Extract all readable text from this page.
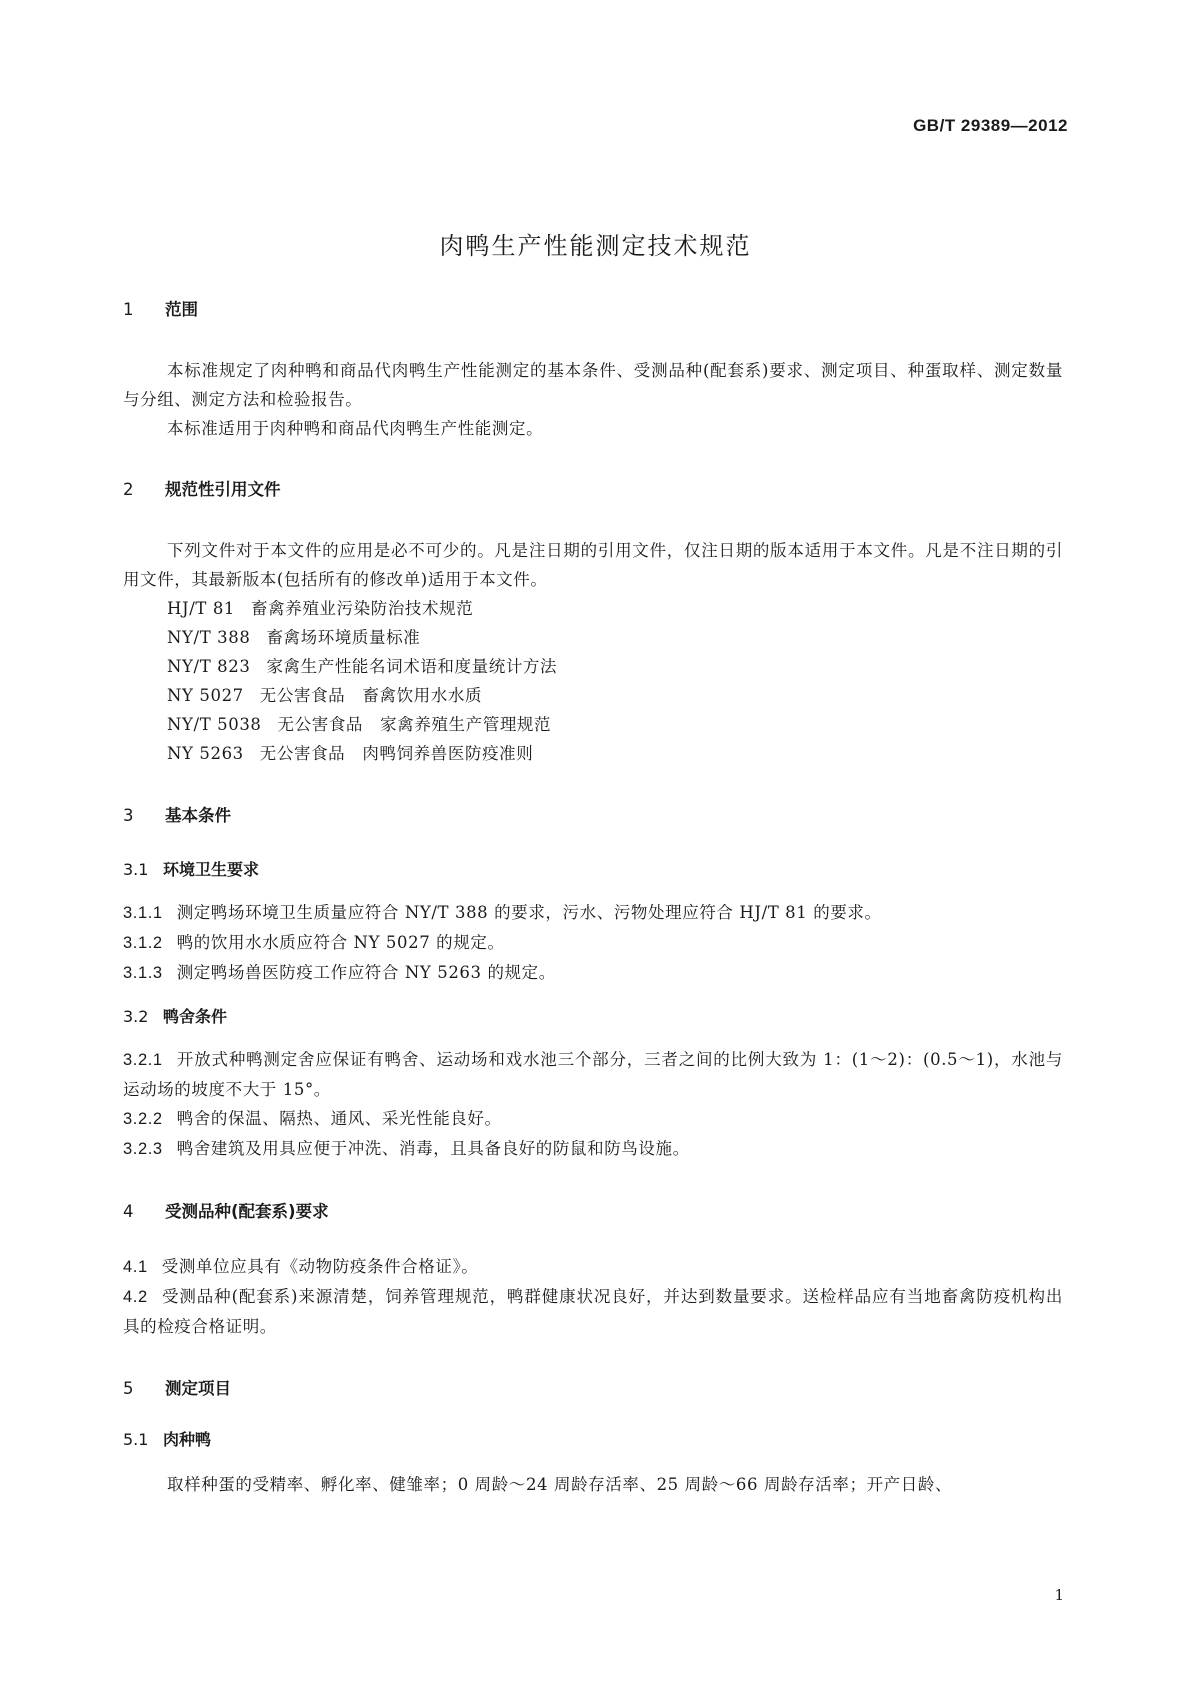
GB/T 29389—2012
肉鸭生产性能测定技术规范
1 范围

本标准规定了肉种鸭和商品代肉鸭生产性能测定的基本条件、受测品种(配套系)要求、测定项目、种蛋取样、测定数量与分组、测定方法和检验报告。

本标准适用于肉种鸭和商品代肉鸭生产性能测定。

2 规范性引用文件

下列文件对于本文件的应用是必不可少的。凡是注日期的引用文件，仅注日期的版本适用于本文件。凡是不注日期的引用文件，其最新版本(包括所有的修改单)适用于本文件。

HJ/T 81 畜禽养殖业污染防治技术规范

NY/T 388 畜禽场环境质量标准

NY/T 823 家禽生产性能名词术语和度量统计方法

NY 5027 无公害食品　畜禽饮用水水质

NY/T 5038 无公害食品　家禽养殖生产管理规范

NY 5263 无公害食品　肉鸭饲养兽医防疫准则

3 基本条件
3.1 环境卫生要求

3.1.1 测定鸭场环境卫生质量应符合 NY/T 388 的要求，污水、污物处理应符合 HJ/T 81 的要求。

3.1.2 鸭的饮用水水质应符合 NY 5027 的规定。

3.1.3 测定鸭场兽医防疫工作应符合 NY 5263 的规定。

3.2 鸭舍条件

3.2.1 开放式种鸭测定舍应保证有鸭舍、运动场和戏水池三个部分，三者之间的比例大致为 1：(1～2)：(0.5～1)，水池与运动场的坡度不大于 15°。

3.2.2 鸭舍的保温、隔热、通风、采光性能良好。

3.2.3 鸭舍建筑及用具应便于冲洗、消毒，且具备良好的防鼠和防鸟设施。

4 受测品种(配套系)要求

4.1 受测单位应具有《动物防疫条件合格证》。

4.2 受测品种(配套系)来源清楚，饲养管理规范，鸭群健康状况良好，并达到数量要求。送检样品应有当地畜禽防疫机构出具的检疫合格证明。

5 测定项目
5.1 肉种鸭

取样种蛋的受精率、孵化率、健雏率；0 周龄～24 周龄存活率、25 周龄～66 周龄存活率；开产日龄、

1
